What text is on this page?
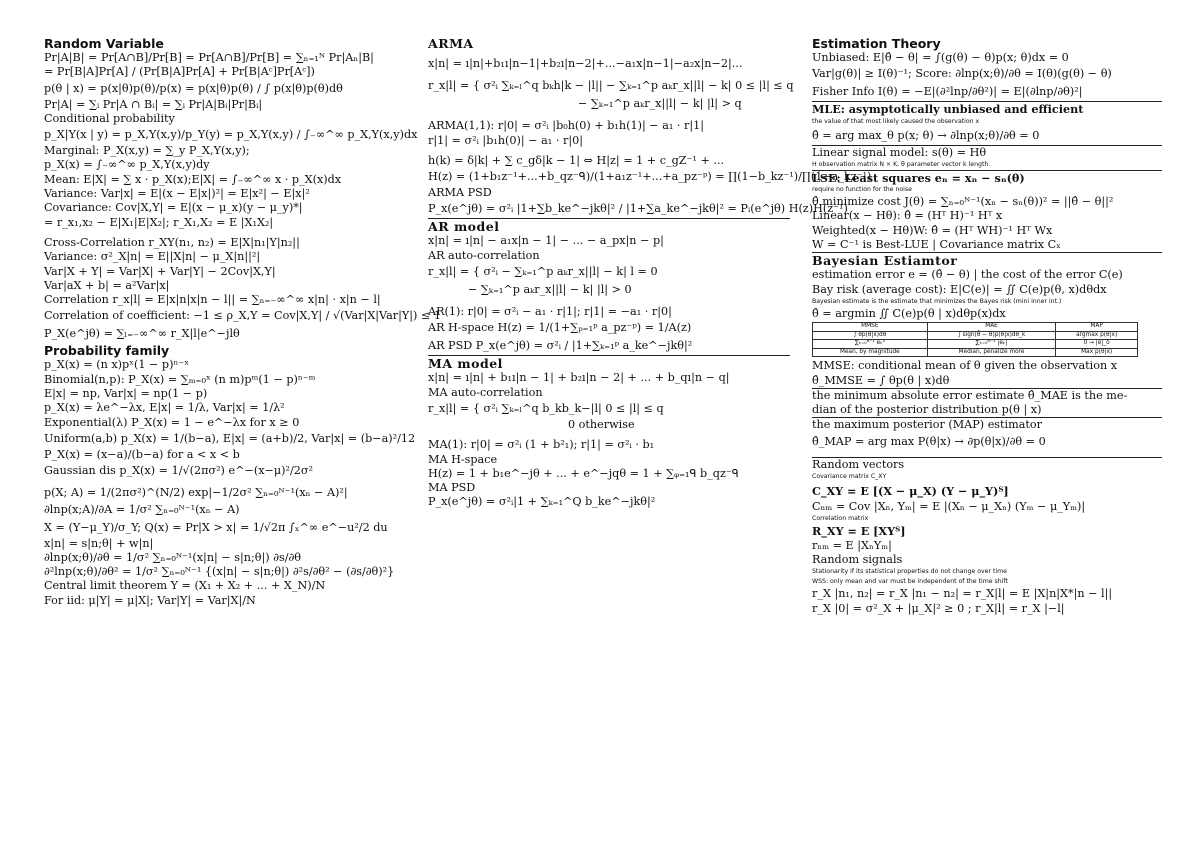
Random Variable

Pr|A|B| = Pr[A∩B]/Pr[B] = Pr[A∩B]/Pr[B] = ∑ₙ₌₁ᴺ Pr|Aₙ|B|

= Pr[B|A]Pr[A] / (Pr[B|A]Pr[A] + Pr[B|Aᶜ]Pr[Aᶜ])

p(θ | x) = p(x|θ)p(θ)/p(x) = p(x|θ)p(θ) / ∫ p(x|θ)p(θ)dθ

Pr|A| = ∑ᵢ Pr|A ∩ Bᵢ| = ∑ᵢ Pr|A|Bᵢ|Pr|Bᵢ|

Conditional probability

p_X|Y(x | y) = p_X,Y(x,y)/p_Y(y) = p_X,Y(x,y) / ∫₋∞^∞ p_X,Y(x,y)dx

Marginal: P_X(x,y) = ∑_y P_X,Y(x,y);

p_X(x) = ∫₋∞^∞ p_X,Y(x,y)dy

Mean: E|X| = ∑ x · p_X(x);E|X| = ∫₋∞^∞ x · p_X(x)dx

Variance: Var|x| = E|(x − E|x|)²| = E|x²| − E|x|²

Covariance: Cov|X,Y| = E|(x − μ_x)(y − μ_y)*|

= r_x₁,x₂ − E|X₁|E|X₂|; r_X₁,X₂ = E |X₁X₂|

Cross-Correlation r_XY(n₁, n₂) = E|X|n₁|Y|n₂||

Variance: σ²_X|n| = E||X|n| − μ_X|n||²|

Var|X + Y| = Var|X| + Var|Y| − 2Cov|X,Y|

Var|aX + b| = a²Var|x|

Correlation r_x|l| = E|x|n|x|n − l|| = ∑ₙ₌₋∞^∞ x|n| · x|n − l|

Correlation of coefficient: −1 ≤ ρ_X,Y = Cov|X,Y| / √(Var|X|Var|Y|) ≤ 1

P_X(e^jθ) = ∑ₗ₌₋∞^∞ r_X|l|e^−jlθ

Probability family

p_X(x) = (n x)pˣ(1 − p)ⁿ⁻ˣ

Binomial(n,p): P_X(x) = ∑ₘ₌₀ˣ (n m)pᵐ(1 − p)ⁿ⁻ᵐ

E|x| = np, Var|x| = np(1 − p)

p_X(x) = λe^−λx, E|x| = 1/λ, Var|x| = 1/λ²

Exponential(λ) P_X(x) = 1 − e^−λx for x ≥ 0

Uniform(a,b) p_X(x) = 1/(b−a), E|x| = (a+b)/2, Var|x| = (b−a)²/12

P_X(x) = (x−a)/(b−a) for a < x < b

Gaussian dis p_X(x) = 1/√(2πσ²) e^−(x−μ)²/2σ²

p(X; A) = 1/(2πσ²)^(N/2) exp|−1/2σ² ∑ₙ₌₀ᴺ⁻¹(xₙ − A)²|

∂lnp(x;A)/∂A = 1/σ² ∑ₙ₌₀ᴺ⁻¹(xₙ − A)

X = (Y−μ_Y)/σ_Y; Q(x) = Pr|X > x| = 1/√2π ∫ₓ^∞ e^−u²/2 du

x|n| = s|n;θ| + w|n|

∂lnp(x;θ)/∂θ = 1/σ² ∑ₙ₌₀ᴺ⁻¹(x|n| − s|n;θ|) ∂s/∂θ

∂²lnp(x;θ)/∂θ² = 1/σ² ∑ₙ₌₀ᴺ⁻¹ {(x|n| − s|n;θ|) ∂²s/∂θ² − (∂s/∂θ)²}

Central limit theorem Y = (X₁ + X₂ + ... + X_N)/N

For iid: μ|Y| = μ|X|; Var|Y| = Var|X|/N

ARMA

x|n| = ı|n|+b₁ı|n−1|+b₂ı|n−2|+...−a₁x|n−1|−a₂x|n−2|...

r_x|l| = { σ²ᵢ ∑ₖ₌ₗ^q bₖh|k − |l|| − ∑ₖ₌₁^p aₖr_x||l| − k| 0 ≤ |l| ≤ q

− ∑ₖ₌₁^p aₖr_x||l| − k| |l| > q

ARMA(1,1): r|0| = σ²ᵢ |b₀h(0) + b₁h(1)| − a₁ · r|1|

r|1| = σ²ᵢ |b₁h(0)| − a₁ · r|0|

h(k) = δ|k| + ∑ c_gδ|k − 1| ⇔ H|z| = 1 + c_gZ⁻¹ + ...

H(z) = (1+b₁z⁻¹+...+b_qz⁻ᑫ)/(1+a₁z⁻¹+...+a_pz⁻ᵖ) = ∏(1−b_kz⁻¹)/∏(1−a_kz⁻¹)

ARMA PSD

P_x(e^jθ) = σ²ᵢ |1+∑b_ke^−jkθ|² / |1+∑a_ke^−jkθ|² = Pᵢ(e^jθ) H(z)H(z⁻¹)

AR model

x|n| = ı|n| − a₁x|n − 1| − ... − a_px|n − p|

AR auto-correlation

r_x|l| = { σ²ᵢ − ∑ₖ₌₁^p aₖr_x||l| − k| l = 0

− ∑ₖ₌₁^p aₖr_x||l| − k| |l| > 0

AR(1): r|0| = σ²ᵢ − a₁ · r|1|; r|1| = −a₁ · r|0|

AR H-space H(z) = 1/(1+∑ₚ₌₁ᵖ a_pz⁻ᵖ) = 1/A(z)

AR PSD P_x(e^jθ) = σ²ᵢ / |1+∑ₖ₌₁ᵖ a_ke^−jkθ|²

MA model

x|n| = ı|n| + b₁ı|n − 1| + b₂ı|n − 2| + ... + b_qı|n − q|

MA auto-correlation

r_x|l| = { σ²ᵢ ∑ₖ₌ₗ^q b_kb_k−|l| 0 ≤ |l| ≤ q

0 otherwise

MA(1): r|0| = σ²ᵢ (1 + b²₁); r|1| = σ²ᵢ · b₁

MA H-space

H(z) = 1 + b₁e^−jθ + ... + e^−jqθ = 1 + ∑ᵩ₌₁ᑫ b_qz⁻ᑫ

MA PSD

P_x(e^jθ) = σ²ᵢ|1 + ∑ₖ₌₁^Q b_ke^−jkθ|²

Estimation Theory

Unbiased: E|θ̂ − θ| = ∫(g(θ) − θ)p(x; θ)dx = 0

Var|g(θ)| ≥ I(θ)⁻¹; Score: ∂lnp(x;θ)/∂θ = I(θ)(g(θ) − θ)

Fisher Info I(θ) = −E|(∂²lnp/∂θ²)| = E|(∂lnp/∂θ)²|

MLE: asymptotically unbiased and efficient

the value of that most likely caused the observation x

θ̂ = arg max_θ p(x; θ) → ∂lnp(x;θ)/∂θ = 0

Linear signal model: s(θ) = Hθ

H observation matrix N × K, θ parameter vector k length.

LSE: Least squares eₙ = xₙ − sₙ(θ)

require no function for the noise

θ̂ minimize cost J(θ) = ∑ₙ₌₀ᴺ⁻¹(xₙ − sₙ(θ))² = ||θ̂ − θ||²

Linear(x − Hθ): θ̂ = (Hᵀ H)⁻¹ Hᵀ x

Weighted(x − Hθ)W: θ̂ = (Hᵀ WH)⁻¹ Hᵀ Wx

W = C⁻¹ is Best-LUE | Covariance matrix Cₓ

Bayesian Estiamtor

estimation error e = (θ̂ − θ) | the cost of the error C(e)

Bay risk (average cost): E|C(e)| = ∬ C(e)p(θ, x)dθdx

Bayesian estimate is the estimate that minimizes the Bayes risk (mini inner int.)

θ̂ = argmin ∬ C(e)p(θ | x)dθp(x)dx

MMSE	MAE	MAP
∫ θp(θ|x)dθ	∫ sign(θ̂ − θ)p(θ|x)dθ_k	argmax p(θ|x)
∑ₖ₌₀ᴺ⁻¹ eₖ²	∑ₖ₌₀ᴺ⁻¹ |eₖ|	0 → |e|_δ
Mean, by magnitude	Median, penalize more	Max p(θ|x)

MMSE: conditional mean of θ given the observation x

θ̂_MMSE = ∫ θp(θ | x)dθ

the minimum absolute error estimate θ̂_MAE is the me-

dian of the posterior distribution p(θ | x)

the maximum posterior (MAP) estimator

θ̂_MAP = arg max P(θ|x) → ∂p(θ|x)/∂θ = 0

Random vectors

Covariance matrix C_XY

C_XY = E [(X − μ_X) (Y − μ_Y)ᵀ]

Cₙₘ = Cov |Xₙ, Yₘ| = E |(Xₙ − μ_Xₙ) (Yₘ − μ_Yₘ)|

Correlation matrix

R_XY = E [XYᵀ]

rₙₘ = E |XₙYₘ|

Random signals

Stationarity if its statistical properties do not change over time

WSS: only mean and var must be independent of the time shift

r_X |n₁, n₂| = r_X |n₁ − n₂| = r_X|l| = E |X|n|X*|n − l||

r_X |0| = σ²_X + |μ_X|² ≥ 0 ; r_X|l| = r_X |−l|
